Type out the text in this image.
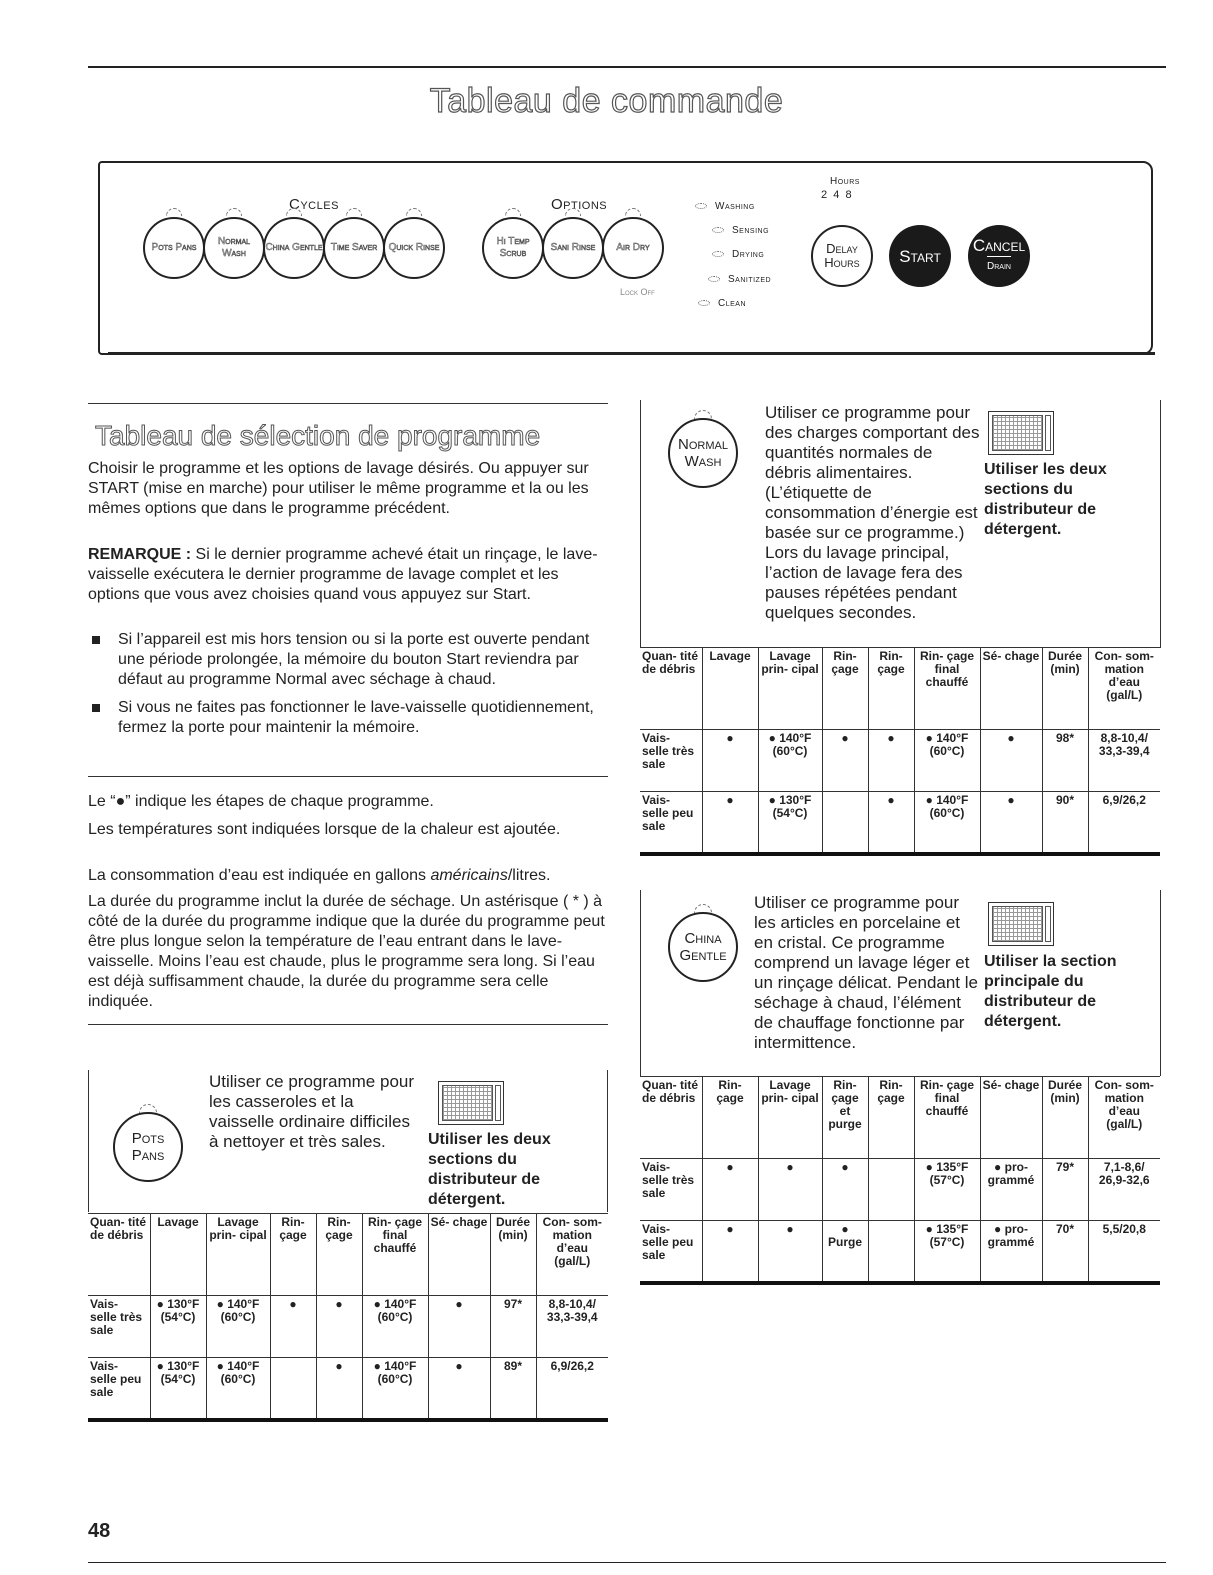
Tableau de commande
Cycles	Options
Pots Pans
Normal Wash
China Gentle Time Saver Quick Rinse
Hi Temp Scrub
Sani Rinse Air Dry
Lock Off
Washing
Sensing
Drying
Sanitized
Clean
Hours
2  4  8
Delay Hours	Start
Cancel
Drain
Tableau de sélection de programme
Choisir le programme et les options de lavage désirés. Ou appuyer sur START (mise en marche) pour utiliser le même programme et la ou les mêmes options que dans le programme précédent.
REMARQUE : Si le dernier programme achevé était un rinçage, le lave-vaisselle exécutera le dernier programme de lavage complet et les options que vous avez choisies quand vous appuyez sur Start.
Si l’appareil est mis hors tension ou si la porte est ouverte pendant une période prolongée, la mémoire du bouton Start reviendra par défaut au programme Normal avec séchage à chaud.
Si vous ne faites pas fonctionner le lave-vaisselle quotidiennement, fermez la porte pour maintenir la mémoire.
Le “●” indique les étapes de chaque programme.
Les températures sont indiquées lorsque de la chaleur est ajoutée.
La consommation d’eau est indiquée en gallons américains/litres.
La durée du programme inclut la durée de séchage. Un astérisque ( * ) à côté de la durée du programme indique que la durée du programme peut être plus longue selon la température de l’eau entrant dans le lave-vaisselle. Moins l’eau est chaude, plus le programme sera long. Si l’eau est déjà suffisamment chaude, la durée du programme sera celle indiquée.
Pots Pans
Utiliser ce programme pour les casseroles et la vaisselle ordinaire difficiles à nettoyer et très sales.	Utiliser les deux sections du distributeur de détergent.
Quan- tité de débris	Lavage	Lavage prin- cipal	Rin- çage	Rin- çage	Rin- çage final chauffé	Sé- chage	Durée (min)	Con- som- mation d’eau (gal/L)
Vais- selle très sale	● 130°F (54°C)	● 140°F (60°C)	●	●	● 140°F (60°C)	●	97*	8,8-10,4/ 33,3-39,4
Vais- selle peu sale	● 130°F (54°C)	● 140°F (60°C)		●	● 140°F (60°C)	●	89*	6,9/26,2
Normal Wash
Utiliser ce programme pour des charges comportant des quantités normales de débris alimentaires. (L’étiquette de consommation d’énergie est basée sur ce programme.) Lors du lavage principal, l’action de lavage fera des pauses répétées pendant quelques secondes.
Utiliser les deux sections du distributeur de détergent.
Quan- tité de débris	Lavage	Lavage prin- cipal	Rin- çage	Rin- çage	Rin- çage final chauffé	Sé- chage	Durée (min)	Con- som- mation d’eau (gal/L)
Vais- selle très sale	●	● 140°F (60°C)	●	●	● 140°F (60°C)	●	98*	8,8-10,4/ 33,3-39,4
Vais- selle peu sale	●	● 130°F (54°C)		●	● 140°F (60°C)	●	90*	6,9/26,2
China Gentle
Utiliser ce programme pour les articles en porcelaine et en cristal. Ce programme comprend un lavage léger et un rinçage délicat. Pendant le séchage à chaud, l’élément de chauffage fonctionne par intermittence.
Utiliser la section principale du distributeur de détergent.
Quan- tité de débris	Rin- çage	Lavage prin- cipal	Rin- çage et purge	Rin- çage	Rin- çage final chauffé	Sé- chage	Durée (min)	Con- som- mation d’eau (gal/L)
Vais- selle très sale	●	●	●		● 135°F (57°C)	● pro- grammé	79*	7,1-8,6/ 26,9-32,6
Vais- selle peu sale	●	●	● Purge		● 135°F (57°C)	● pro- grammé	70*	5,5/20,8
48
